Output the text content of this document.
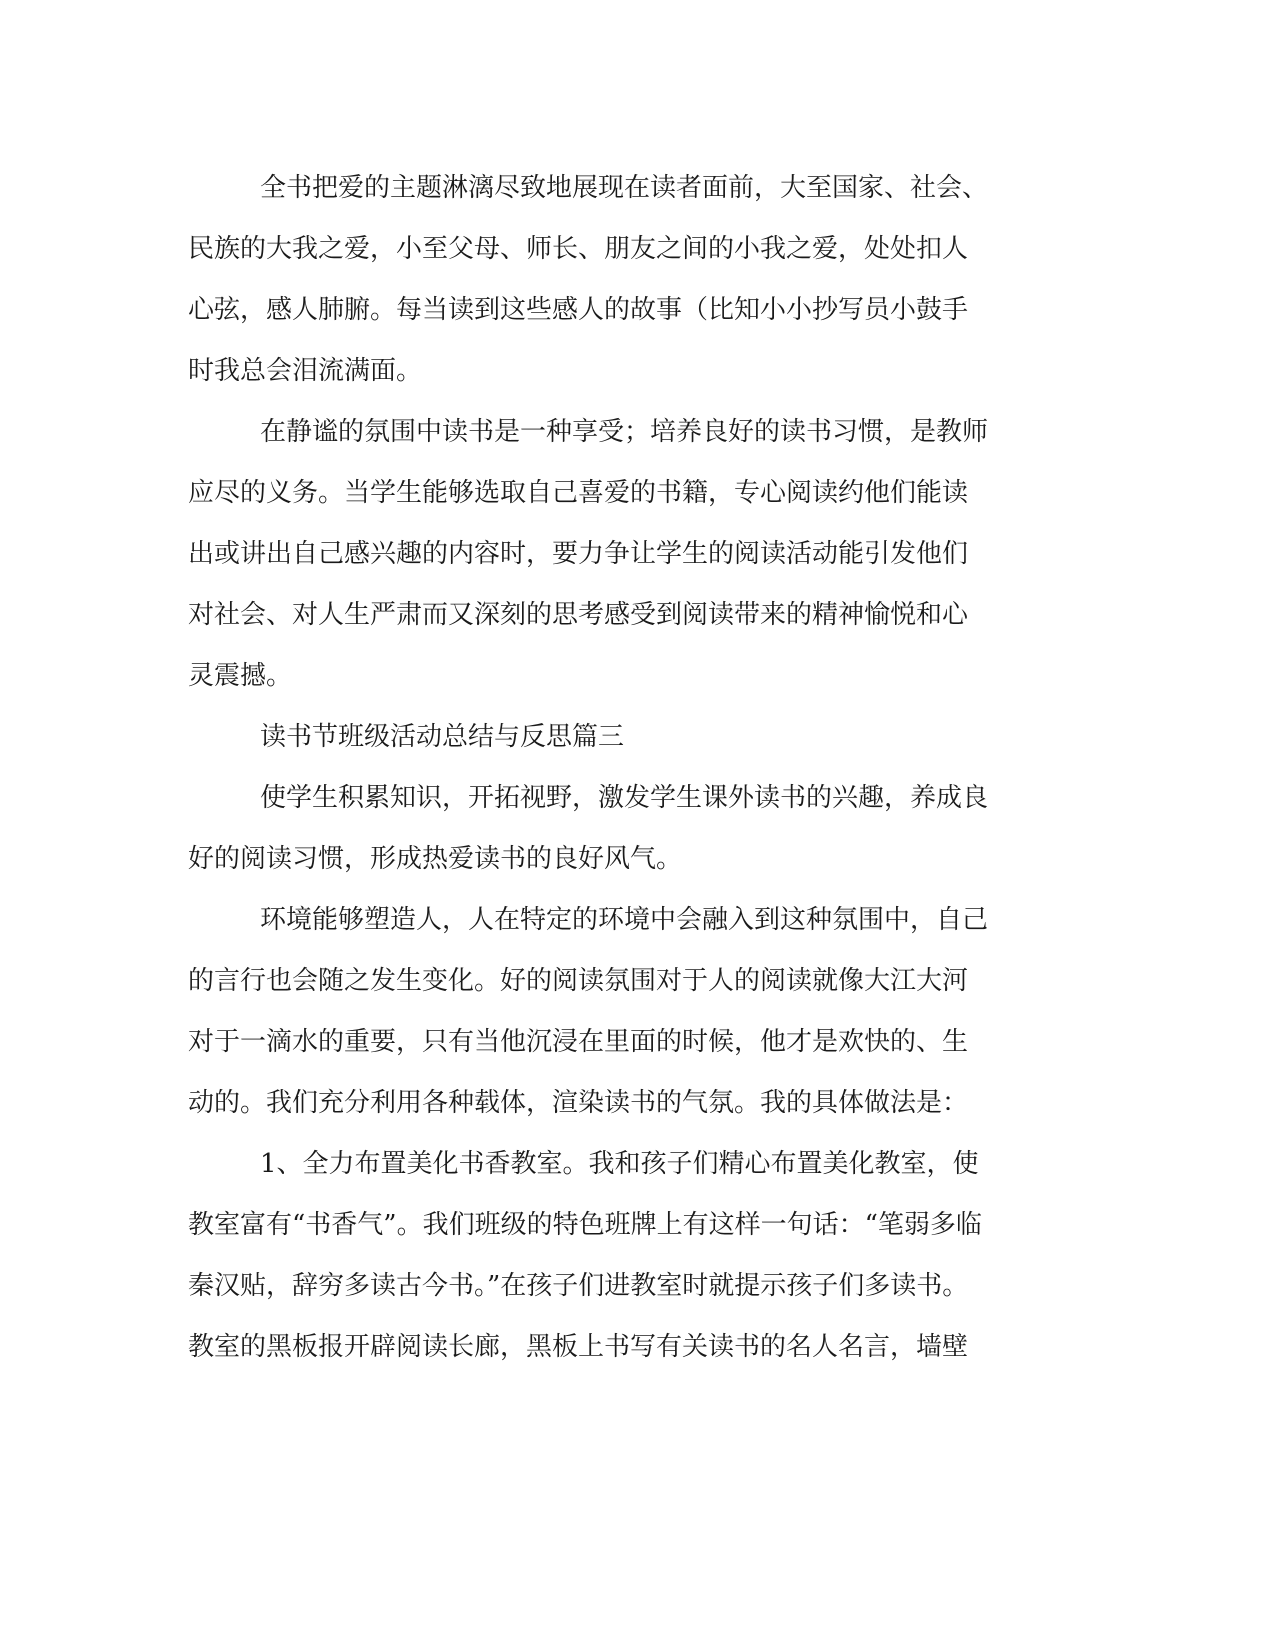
全书把爱的主题淋漓尽致地展现在读者面前，大至国家、社会、
民族的大我之爱，小至父母、师长、朋友之间的小我之爱，处处扣人
心弦，感人肺腑。每当读到这些感人的故事（比知小小抄写员小鼓手
时我总会泪流满面。
在静谧的氛围中读书是一种享受；培养良好的读书习惯，是教师
应尽的义务。当学生能够选取自己喜爱的书籍，专心阅读约他们能读
出或讲出自己感兴趣的内容时，要力争让学生的阅读活动能引发他们
对社会、对人生严肃而又深刻的思考感受到阅读带来的精神愉悦和心
灵震撼。
读书节班级活动总结与反思篇三
使学生积累知识，开拓视野，激发学生课外读书的兴趣，养成良
好的阅读习惯，形成热爱读书的良好风气。
环境能够塑造人，人在特定的环境中会融入到这种氛围中，自己
的言行也会随之发生变化。好的阅读氛围对于人的阅读就像大江大河
对于一滴水的重要，只有当他沉浸在里面的时候，他才是欢快的、生
动的。我们充分利用各种载体，渲染读书的气氛。我的具体做法是：
1、全力布置美化书香教室。我和孩子们精心布置美化教室，使
教室富有“书香气”。我们班级的特色班牌上有这样一句话：“笔弱多临
秦汉贴，辞穷多读古今书。”在孩子们进教室时就提示孩子们多读书。
教室的黑板报开辟阅读长廊，黑板上书写有关读书的名人名言，墙壁
